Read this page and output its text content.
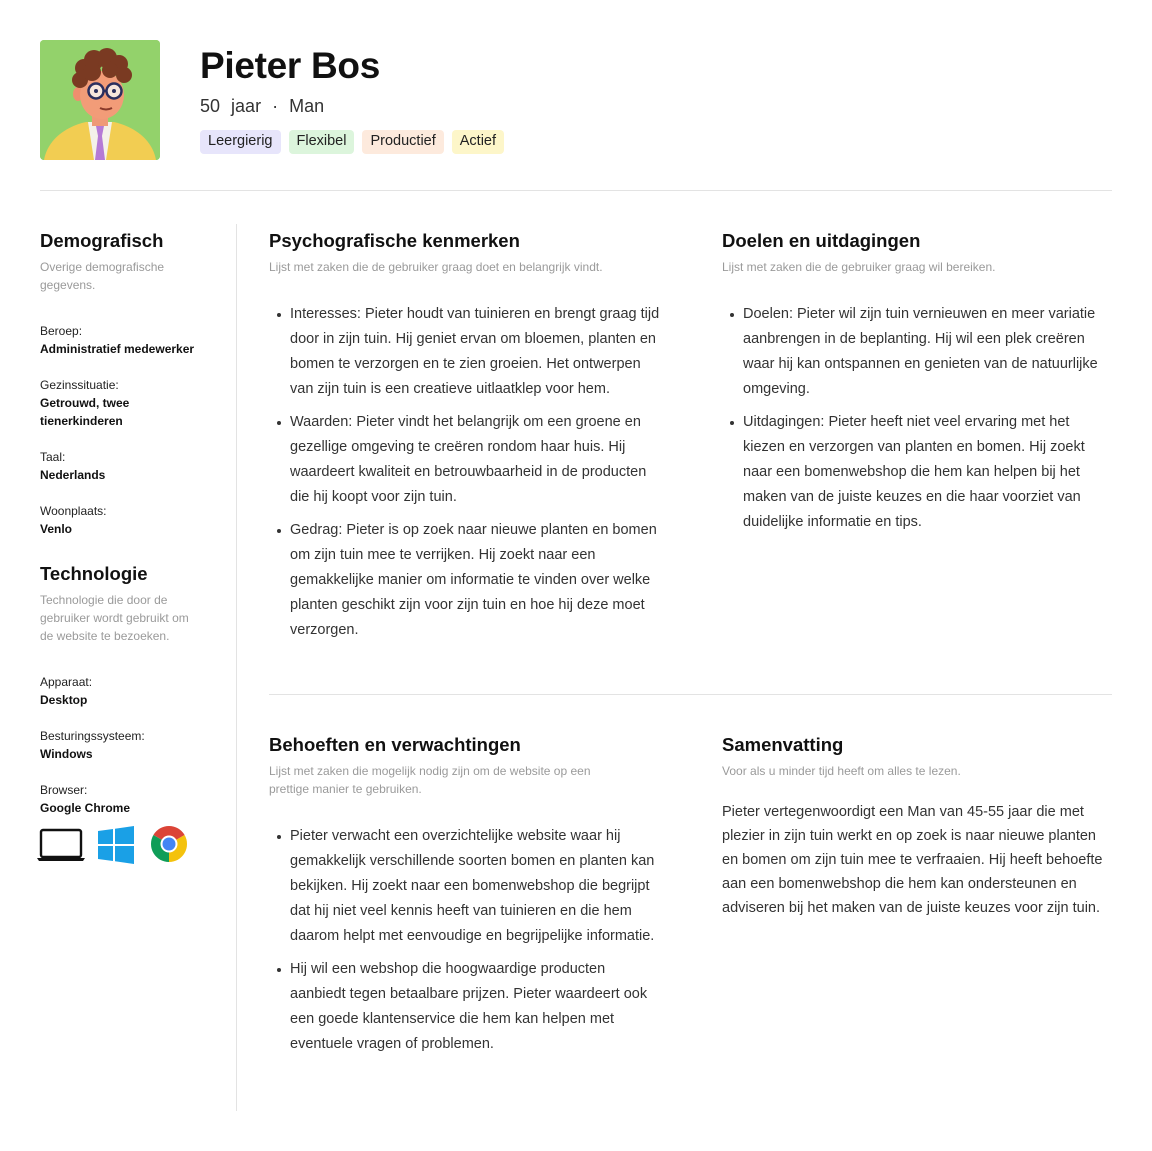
Pieter Bos
50 jaar · Man
Leergierig	Flexibel	Productief	Actief
Demografisch
Overige demografische gegevens.
Beroep:
Administratief medewerker
Gezinssituatie:
Getrouwd, twee tienerkinderen
Taal:
Nederlands
Woonplaats:
Venlo
Technologie
Technologie die door de gebruiker wordt gebruikt om de website te bezoeken.
Apparaat:
Desktop
Besturingssysteem:
Windows
Browser:
Google Chrome
Psychografische kenmerken
Lijst met zaken die de gebruiker graag doet en belangrijk vindt.
Interesses: Pieter houdt van tuinieren en brengt graag tijd door in zijn tuin. Hij geniet ervan om bloemen, planten en bomen te verzorgen en te zien groeien. Het ontwerpen van zijn tuin is een creatieve uitlaatklep voor hem.
Waarden: Pieter vindt het belangrijk om een groene en gezellige omgeving te creëren rondom haar huis. Hij waardeert kwaliteit en betrouwbaarheid in de producten die hij koopt voor zijn tuin.
Gedrag: Pieter is op zoek naar nieuwe planten en bomen om zijn tuin mee te verrijken. Hij zoekt naar een gemakkelijke manier om informatie te vinden over welke planten geschikt zijn voor zijn tuin en hoe hij deze moet verzorgen.
Doelen en uitdagingen
Lijst met zaken die de gebruiker graag wil bereiken.
Doelen: Pieter wil zijn tuin vernieuwen en meer variatie aanbrengen in de beplanting. Hij wil een plek creëren waar hij kan ontspannen en genieten van de natuurlijke omgeving.
Uitdagingen: Pieter heeft niet veel ervaring met het kiezen en verzorgen van planten en bomen. Hij zoekt naar een bomenwebshop die hem kan helpen bij het maken van de juiste keuzes en die haar voorziet van duidelijke informatie en tips.
Behoeften en verwachtingen
Lijst met zaken die mogelijk nodig zijn om de website op een prettige manier te gebruiken.
Pieter verwacht een overzichtelijke website waar hij gemakkelijk verschillende soorten bomen en planten kan bekijken. Hij zoekt naar een bomenwebshop die begrijpt dat hij niet veel kennis heeft van tuinieren en die hem daarom helpt met eenvoudige en begrijpelijke informatie.
Hij wil een webshop die hoogwaardige producten aanbiedt tegen betaalbare prijzen. Pieter waardeert ook een goede klantenservice die hem kan helpen met eventuele vragen of problemen.
Samenvatting
Voor als u minder tijd heeft om alles te lezen.

Pieter vertegenwoordigt een Man van 45-55 jaar die met plezier in zijn tuin werkt en op zoek is naar nieuwe planten en bomen om zijn tuin mee te verfraaien. Hij heeft behoefte aan een bomenwebshop die hem kan ondersteunen en adviseren bij het maken van de juiste keuzes voor zijn tuin.
